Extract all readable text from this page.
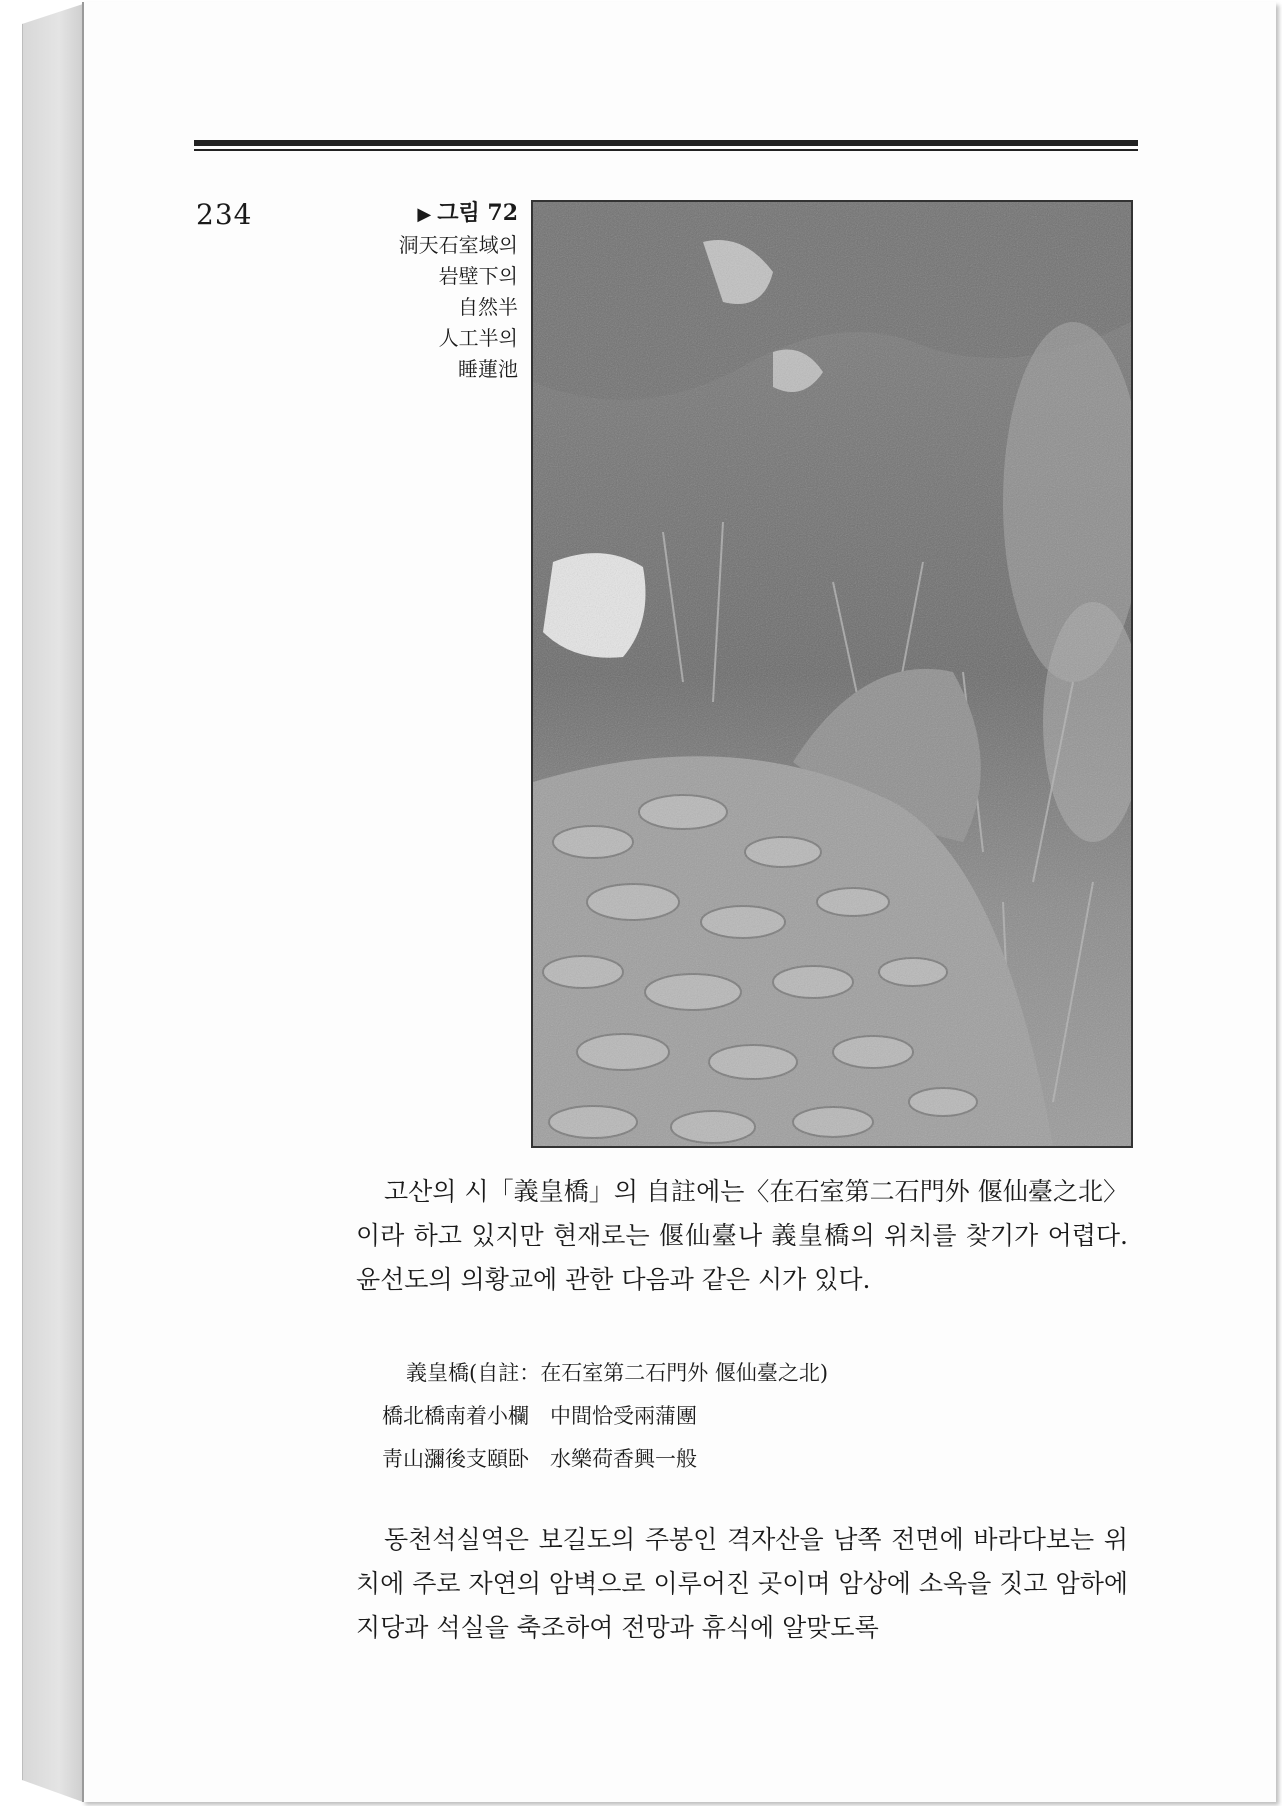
234	▶ 그림 72
洞天石室域의
岩壁下의
自然半
人工半의
睡蓮池

고산의 시「義皇橋」의 自註에는〈在石室第二石門外 偃仙臺之北〉이라 하고 있지만 현재로는 偃仙臺나 義皇橋의 위치를 찾기가 어렵다. 윤선도의 의황교에 관한 다음과 같은 시가 있다.

義皇橋(自註：在石室第二石門外 偃仙臺之北)
橋北橋南着小欄　中間恰受兩蒲團
靑山瀰後支頤卧　水樂荷香興一般

동천석실역은 보길도의 주봉인 격자산을 남쪽 전면에 바라다보는 위치에 주로 자연의 암벽으로 이루어진 곳이며 암상에 소옥을 짓고 암하에 지당과 석실을 축조하여 전망과 휴식에 알맞도록
